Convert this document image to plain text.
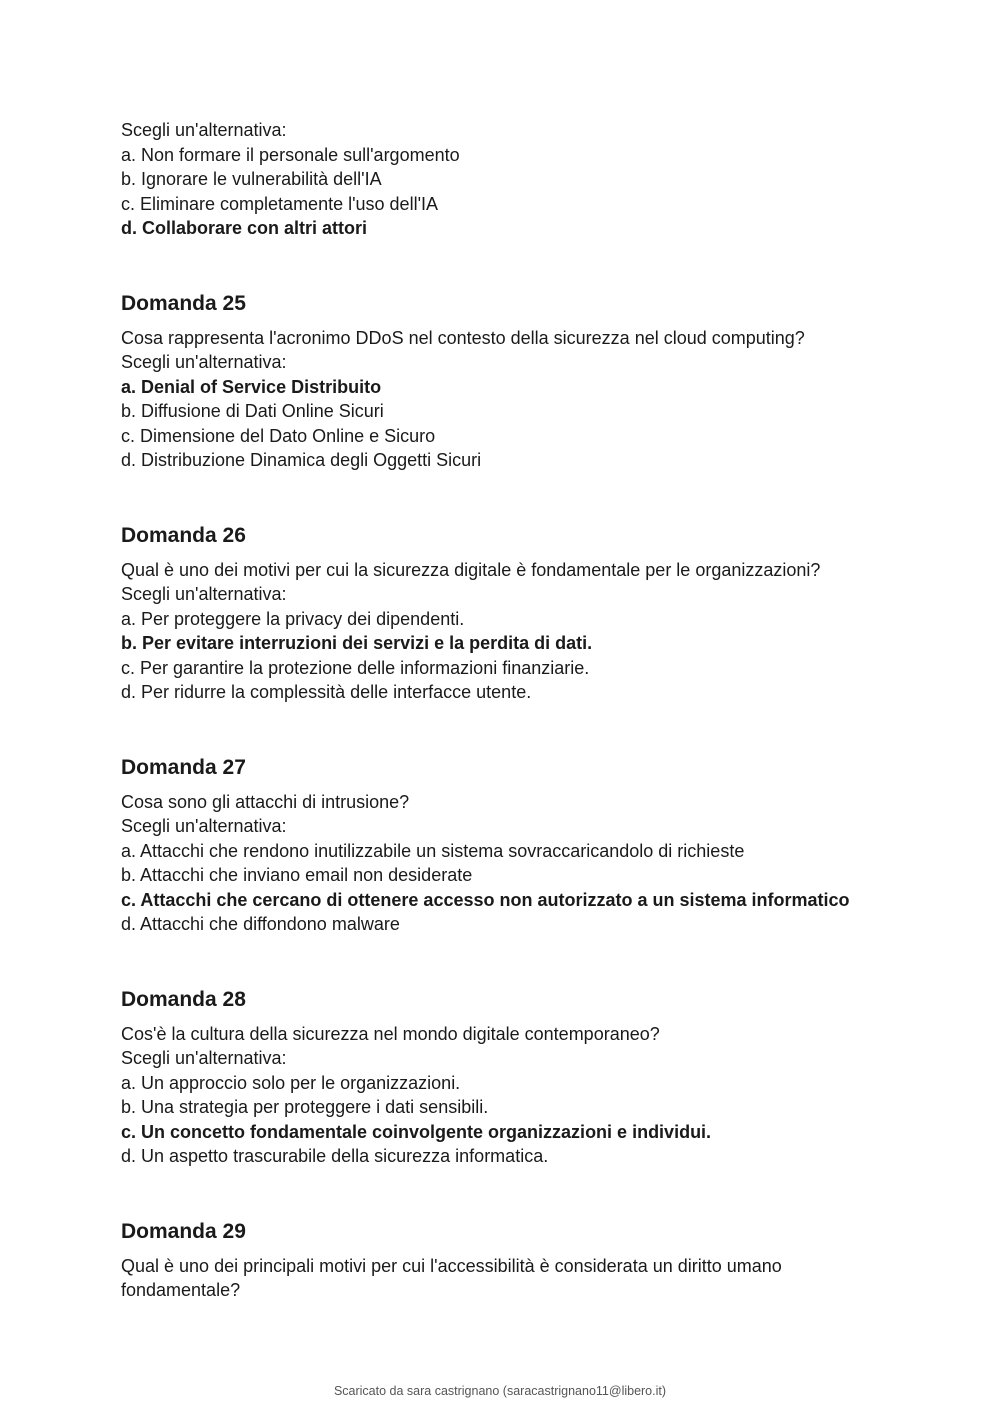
Scegli un'alternativa:

a. Non formare il personale sull'argomento

b. Ignorare le vulnerabilità dell'IA

c. Eliminare completamente l'uso dell'IA

d. Collaborare con altri attori

Domanda 25

Cosa rappresenta l'acronimo DDoS nel contesto della sicurezza nel cloud computing?

Scegli un'alternativa:

a. Denial of Service Distribuito

b. Diffusione di Dati Online Sicuri

c. Dimensione del Dato Online e Sicuro

d. Distribuzione Dinamica degli Oggetti Sicuri

Domanda 26

Qual è uno dei motivi per cui la sicurezza digitale è fondamentale per le organizzazioni?

Scegli un'alternativa:

a. Per proteggere la privacy dei dipendenti.

b. Per evitare interruzioni dei servizi e la perdita di dati.

c. Per garantire la protezione delle informazioni finanziarie.

d. Per ridurre la complessità delle interfacce utente.

Domanda 27

Cosa sono gli attacchi di intrusione?

Scegli un'alternativa:

a. Attacchi che rendono inutilizzabile un sistema sovraccaricandolo di richieste

b. Attacchi che inviano email non desiderate

c. Attacchi che cercano di ottenere accesso non autorizzato a un sistema informatico

d. Attacchi che diffondono malware

Domanda 28

Cos'è la cultura della sicurezza nel mondo digitale contemporaneo?

Scegli un'alternativa:

a. Un approccio solo per le organizzazioni.

b. Una strategia per proteggere i dati sensibili.

c. Un concetto fondamentale coinvolgente organizzazioni e individui.

d. Un aspetto trascurabile della sicurezza informatica.

Domanda 29

Qual è uno dei principali motivi per cui l'accessibilità è considerata un diritto umano fondamentale?

Scaricato da sara castrignano (saracastrignano11@libero.it)
